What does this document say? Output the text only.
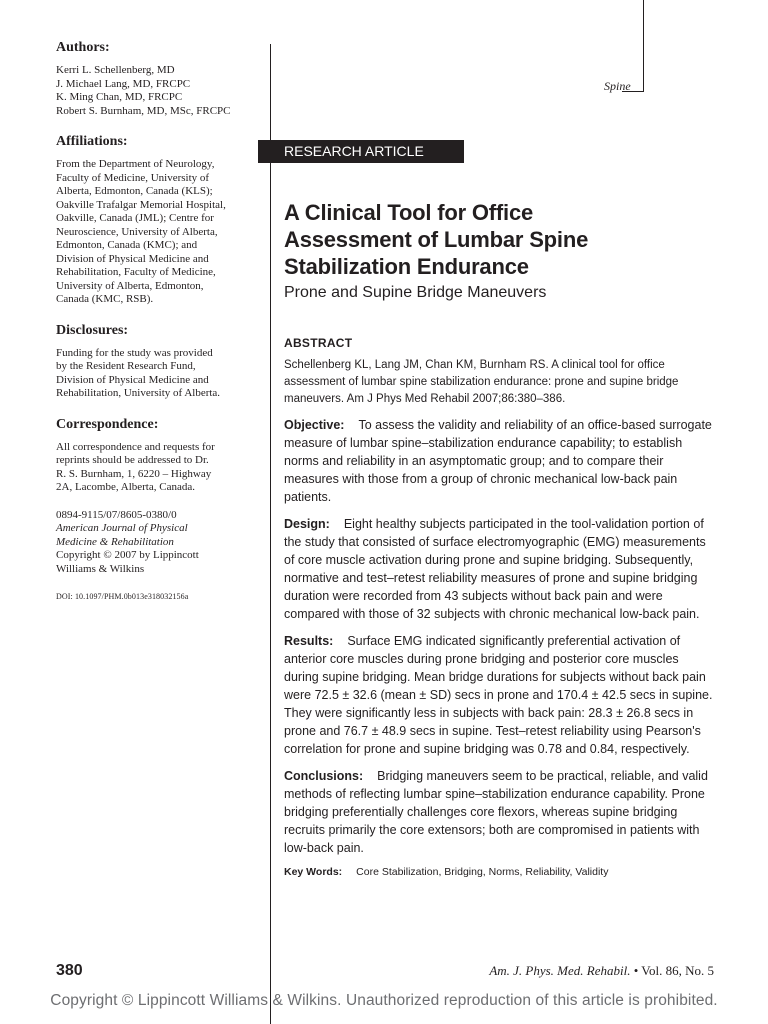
Authors:

Kerri L. Schellenberg, MD
J. Michael Lang, MD, FRCPC
K. Ming Chan, MD, FRCPC
Robert S. Burnham, MD, MSc, FRCPC

Affiliations:

From the Department of Neurology,
Faculty of Medicine, University of
Alberta, Edmonton, Canada (KLS);
Oakville Trafalgar Memorial Hospital,
Oakville, Canada (JML); Centre for
Neuroscience, University of Alberta,
Edmonton, Canada (KMC); and
Division of Physical Medicine and
Rehabilitation, Faculty of Medicine,
University of Alberta, Edmonton,
Canada (KMC, RSB).

Disclosures:

Funding for the study was provided
by the Resident Research Fund,
Division of Physical Medicine and
Rehabilitation, University of Alberta.

Correspondence:

All correspondence and requests for
reprints should be addressed to Dr.
R. S. Burnham, 1, 6220 – Highway
2A, Lacombe, Alberta, Canada.
0894-9115/07/8605-0380/0
American Journal of Physical
Medicine & Rehabilitation
Copyright © 2007 by Lippincott
Williams & Wilkins
DOI: 10.1097/PHM.0b013e318032156a
Spine
RESEARCH ARTICLE
A Clinical Tool for Office
Assessment of Lumbar Spine
Stabilization Endurance

Prone and Supine Bridge Maneuvers

ABSTRACT

Schellenberg KL, Lang JM, Chan KM, Burnham RS. A clinical tool for office assessment of lumbar spine stabilization endurance: prone and supine bridge maneuvers. Am J Phys Med Rehabil 2007;86:380–386.

Objective: To assess the validity and reliability of an office-based surrogate measure of lumbar spine–stabilization endurance capability; to establish norms and reliability in an asymptomatic group; and to compare their measures with those from a group of chronic mechanical low-back pain patients.

Design: Eight healthy subjects participated in the tool-validation portion of the study that consisted of surface electromyographic (EMG) measurements of core muscle activation during prone and supine bridging. Subsequently, normative and test–retest reliability measures of prone and supine bridging duration were recorded from 43 subjects without back pain and were compared with those of 32 subjects with chronic mechanical low-back pain.

Results: Surface EMG indicated significantly preferential activation of anterior core muscles during prone bridging and posterior core muscles during supine bridging. Mean bridge durations for subjects without back pain were 72.5 ± 32.6 (mean ± SD) secs in prone and 170.4 ± 42.5 secs in supine. They were significantly less in subjects with back pain: 28.3 ± 26.8 secs in prone and 76.7 ± 48.9 secs in supine. Test–retest reliability using Pearson's correlation for prone and supine bridging was 0.78 and 0.84, respectively.

Conclusions: Bridging maneuvers seem to be practical, reliable, and valid methods of reflecting lumbar spine–stabilization endurance capability. Prone bridging preferentially challenges core flexors, whereas supine bridging recruits primarily the core extensors; both are compromised in patients with low-back pain.

Key Words: Core Stabilization, Bridging, Norms, Reliability, Validity
380	Am. J. Phys. Med. Rehabil. • Vol. 86, No. 5
Copyright © Lippincott Williams & Wilkins. Unauthorized reproduction of this article is prohibited.
